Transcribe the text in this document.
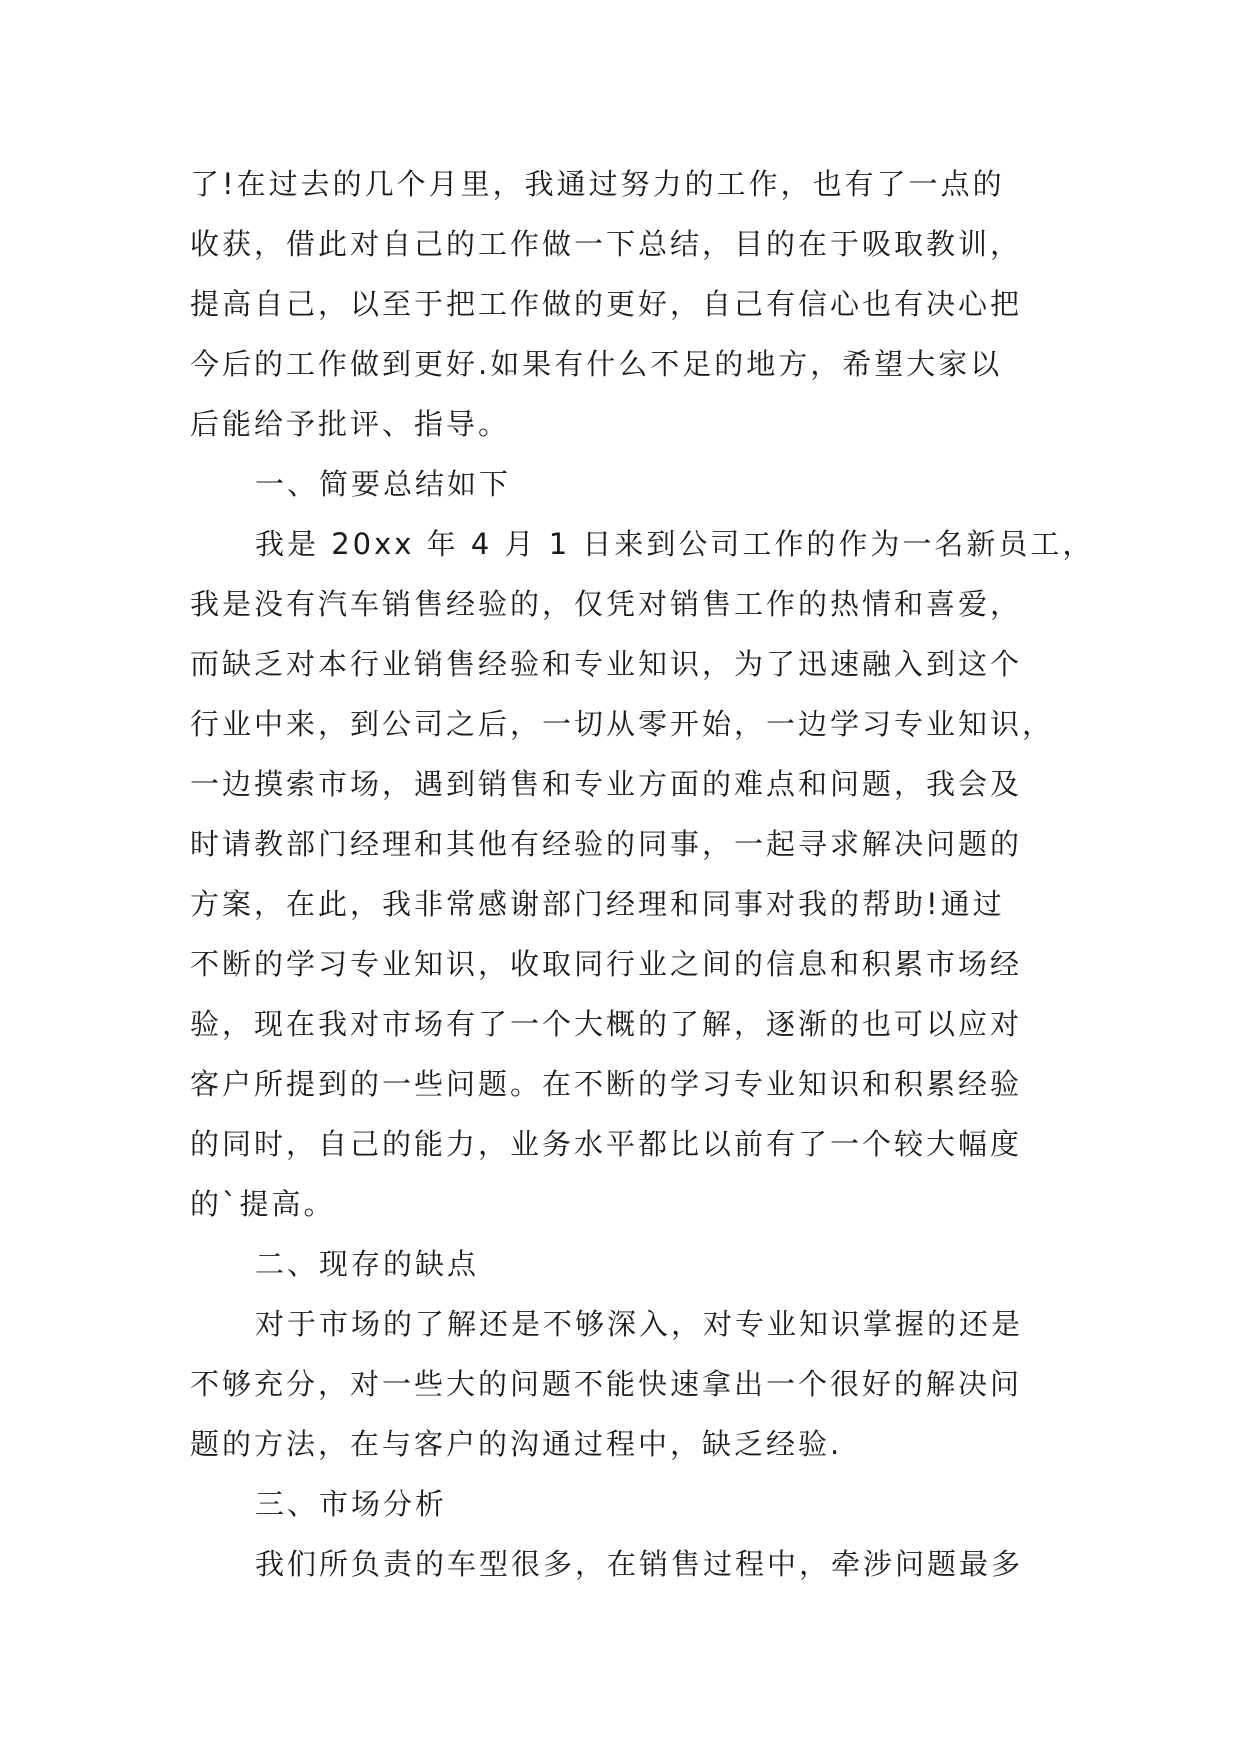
了!在过去的几个月里，我通过努力的工作，也有了一点的
收获，借此对自己的工作做一下总结，目的在于吸取教训，
提高自己，以至于把工作做的更好，自己有信心也有决心把
今后的工作做到更好.如果有什么不足的地方，希望大家以
后能给予批评、指导。
一、简要总结如下
我是 20xx 年 4 月 1 日来到公司工作的作为一名新员工，
我是没有汽车销售经验的，仅凭对销售工作的热情和喜爱，
而缺乏对本行业销售经验和专业知识，为了迅速融入到这个
行业中来，到公司之后，一切从零开始，一边学习专业知识，
一边摸索市场，遇到销售和专业方面的难点和问题，我会及
时请教部门经理和其他有经验的同事，一起寻求解决问题的
方案，在此，我非常感谢部门经理和同事对我的帮助!通过
不断的学习专业知识，收取同行业之间的信息和积累市场经
验，现在我对市场有了一个大概的了解，逐渐的也可以应对
客户所提到的一些问题。在不断的学习专业知识和积累经验
的同时，自己的能力，业务水平都比以前有了一个较大幅度
的`提高。
二、现存的缺点
对于市场的了解还是不够深入，对专业知识掌握的还是
不够充分，对一些大的问题不能快速拿出一个很好的解决问
题的方法，在与客户的沟通过程中，缺乏经验.
三、市场分析
我们所负责的车型很多，在销售过程中，牵涉问题最多
